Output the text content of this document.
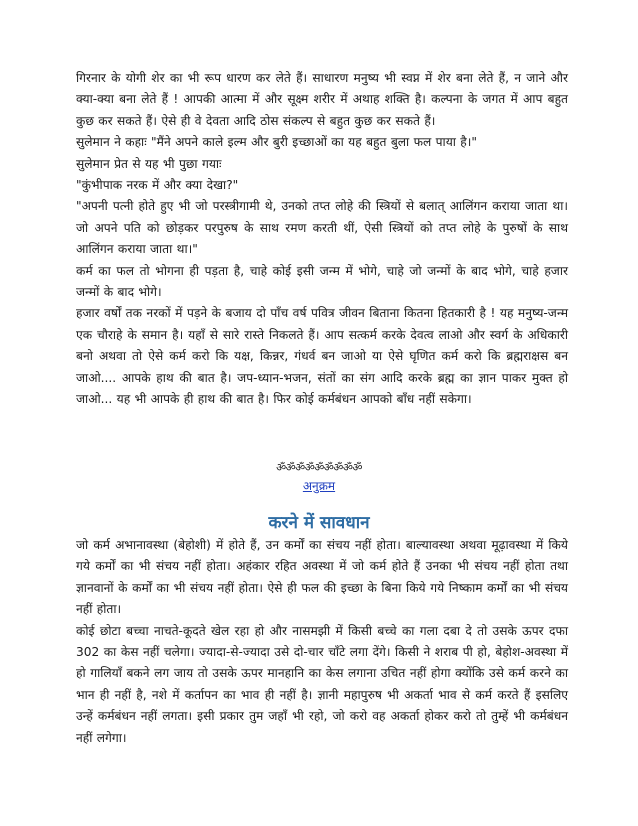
गिरनार के योगी शेर का भी रूप धारण कर लेते हैं। साधारण मनुष्य भी स्वप्न में शेर बना लेते हैं, न जाने और क्या-क्या बना लेते हैं ! आपकी आत्मा में और सूक्ष्म शरीर में अथाह शक्ति है। कल्पना के जगत में आप बहुत कुछ कर सकते हैं। ऐसे ही वे देवता आदि ठोस संकल्प से बहुत कुछ कर सकते हैं।

सुलेमान ने कहाः "मैंने अपने काले इल्म और बुरी इच्छाओं का यह बहुत बुला फल पाया है।"

सुलेमान प्रेत से यह भी पुछा गयाः

"कुंभीपाक नरक में और क्या देखा?"

"अपनी पत्नी होते हुए भी जो परस्त्रीगामी थे, उनको तप्त लोहे की स्त्रियों से बलात् आलिंगन कराया जाता था। जो अपने पति को छोड़कर परपुरुष के साथ रमण करती थीं, ऐसी स्त्रियों को तप्त लोहे के पुरुषों के साथ आलिंगन कराया जाता था।"

कर्म का फल तो भोगना ही पड़ता है, चाहे कोई इसी जन्म में भोगे, चाहे जो जन्मों के बाद भोगे, चाहे हजार जन्मों के बाद भोगे।

हजार वर्षों तक नरकों में पड़ने के बजाय दो पाँच वर्ष पवित्र जीवन बिताना कितना हितकारी है ! यह मनुष्य-जन्म एक चौराहे के समान है। यहाँ से सारे रास्ते निकलते हैं। आप सत्कर्म करके देवत्व लाओ और स्वर्ग के अधिकारी बनो अथवा तो ऐसे कर्म करो कि यक्ष, किन्नर, गंधर्व बन जाओ या ऐसे घृणित कर्म करो कि ब्रह्मराक्षस बन जाओ.... आपके हाथ की बात है। जप-ध्यान-भजन, संतों का संग आदि करके ब्रह्म का ज्ञान पाकर मुक्त हो जाओ... यह भी आपके ही हाथ की बात है। फिर कोई कर्मबंधन आपको बाँध नहीं सकेगा।

ॐॐॐॐॐॐॐॐॐ
अनुक्रम
करने में सावधान

जो कर्म अभानावस्था (बेहोशी) में होते हैं, उन कर्मों का संचय नहीं होता। बाल्यावस्था अथवा मूढ़ावस्था में किये गये कर्मों का भी संचय नहीं होता। अहंकार रहित अवस्था में जो कर्म होते हैं उनका भी संचय नहीं होता तथा ज्ञानवानों के कर्मों का भी संचय नहीं होता। ऐसे ही फल की इच्छा के बिना किये गये निष्काम कर्मों का भी संचय नहीं होता।

कोई छोटा बच्चा नाचते-कूदते खेल रहा हो और नासमझी में किसी बच्चे का गला दबा दे तो उसके ऊपर दफा 302 का केस नहीं चलेगा। ज्यादा-से-ज्यादा उसे दो-चार चाँटे लगा देंगे। किसी ने शराब पी हो, बेहोश-अवस्था में हो गालियाँ बकने लग जाय तो उसके ऊपर मानहानि का केस लगाना उचित नहीं होगा क्योंकि उसे कर्म करने का भान ही नहीं है, नशे में कर्तापन का भाव ही नहीं है। ज्ञानी महापुरुष भी अकर्ता भाव से कर्म करते हैं इसलिए उन्हें कर्मबंधन नहीं लगता। इसी प्रकार तुम जहाँ भी रहो, जो करो वह अकर्ता होकर करो तो तुम्हें भी कर्मबंधन नहीं लगेगा।
